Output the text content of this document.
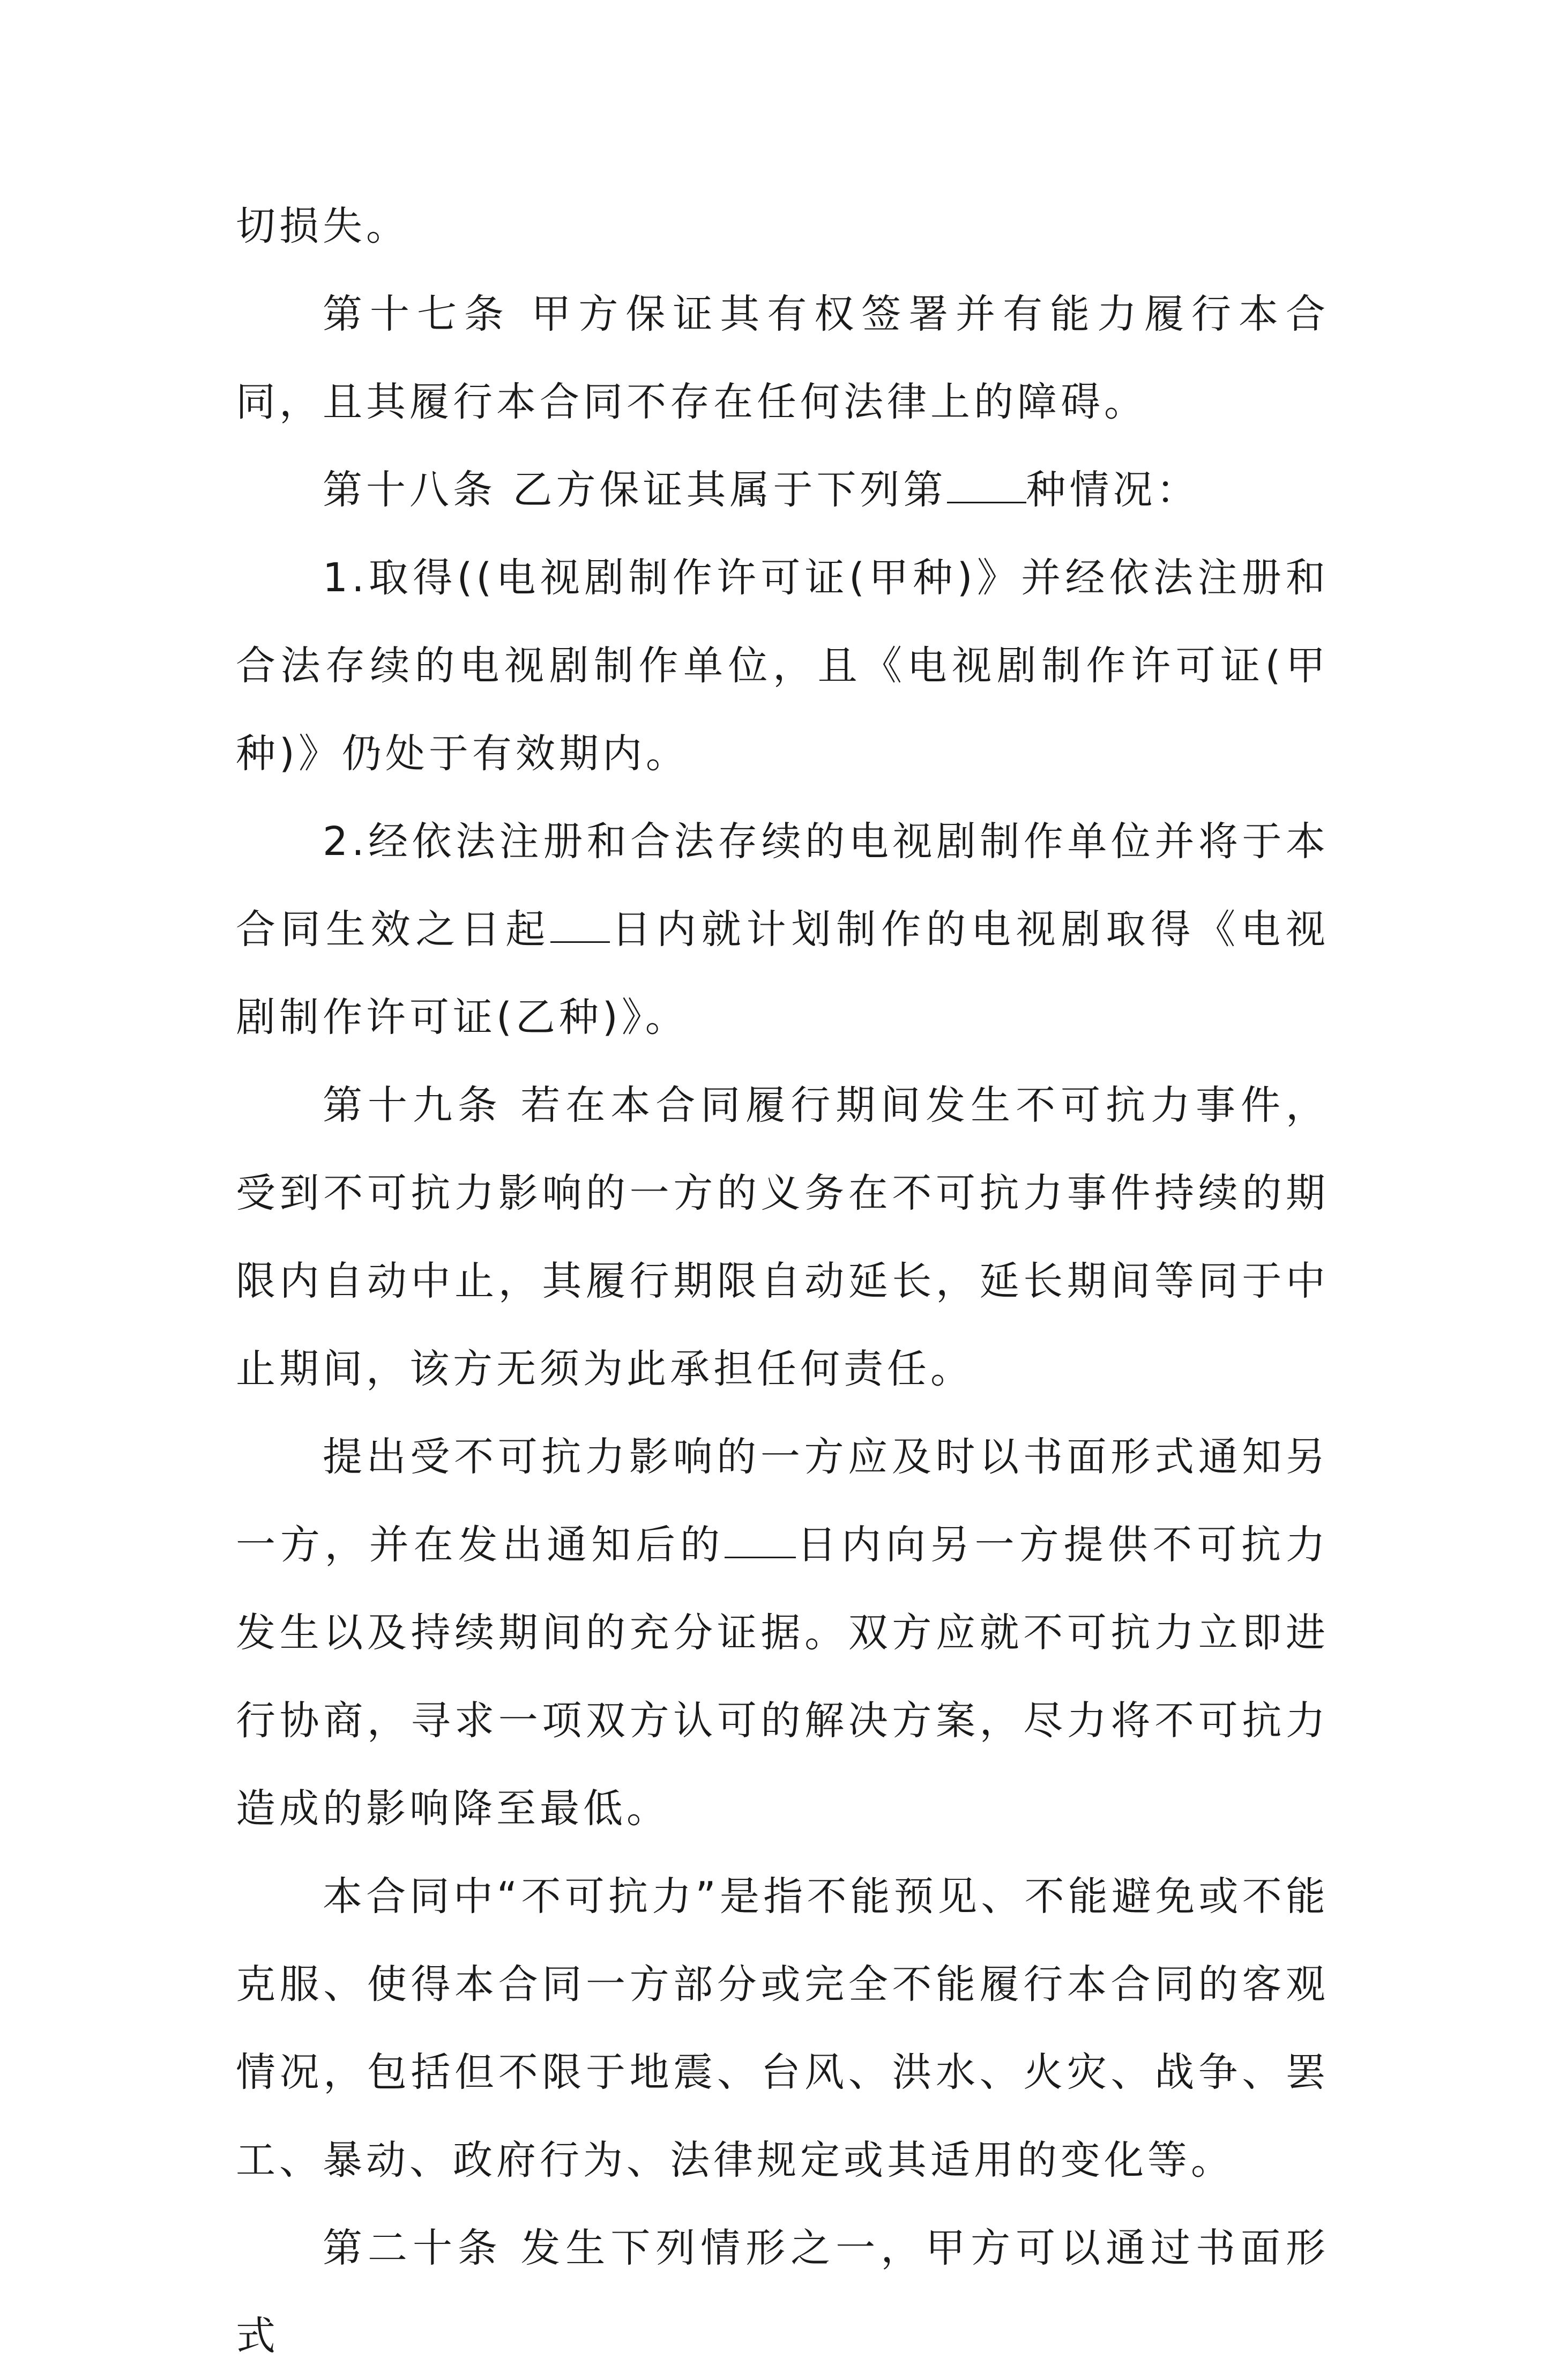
切损失。

第十七条 甲方保证其有权签署并有能力履行本合同，且其履行本合同不存在任何法律上的障碍。

第十八条 乙方保证其属于下列第 种情况：

1.取得((电视剧制作许可证(甲种)》并经依法注册和合法存续的电视剧制作单位，且《电视剧制作许可证(甲种)》仍处于有效期内。

2.经依法注册和合法存续的电视剧制作单位并将于本合同生效之日起 日内就计划制作的电视剧取得《电视剧制作许可证(乙种)》。

第十九条 若在本合同履行期间发生不可抗力事件，受到不可抗力影响的一方的义务在不可抗力事件持续的期限内自动中止，其履行期限自动延长，延长期间等同于中止期间，该方无须为此承担任何责任。

提出受不可抗力影响的一方应及时以书面形式通知另一方，并在发出通知后的 日内向另一方提供不可抗力发生以及持续期间的充分证据。双方应就不可抗力立即进行协商，寻求一项双方认可的解决方案，尽力将不可抗力造成的影响降至最低。

本合同中“不可抗力”是指不能预见、不能避免或不能克服、使得本合同一方部分或完全不能履行本合同的客观情况，包括但不限于地震、台风、洪水、火灾、战争、罢工、暴动、政府行为、法律规定或其适用的变化等。

第二十条 发生下列情形之一，甲方可以通过书面形式
